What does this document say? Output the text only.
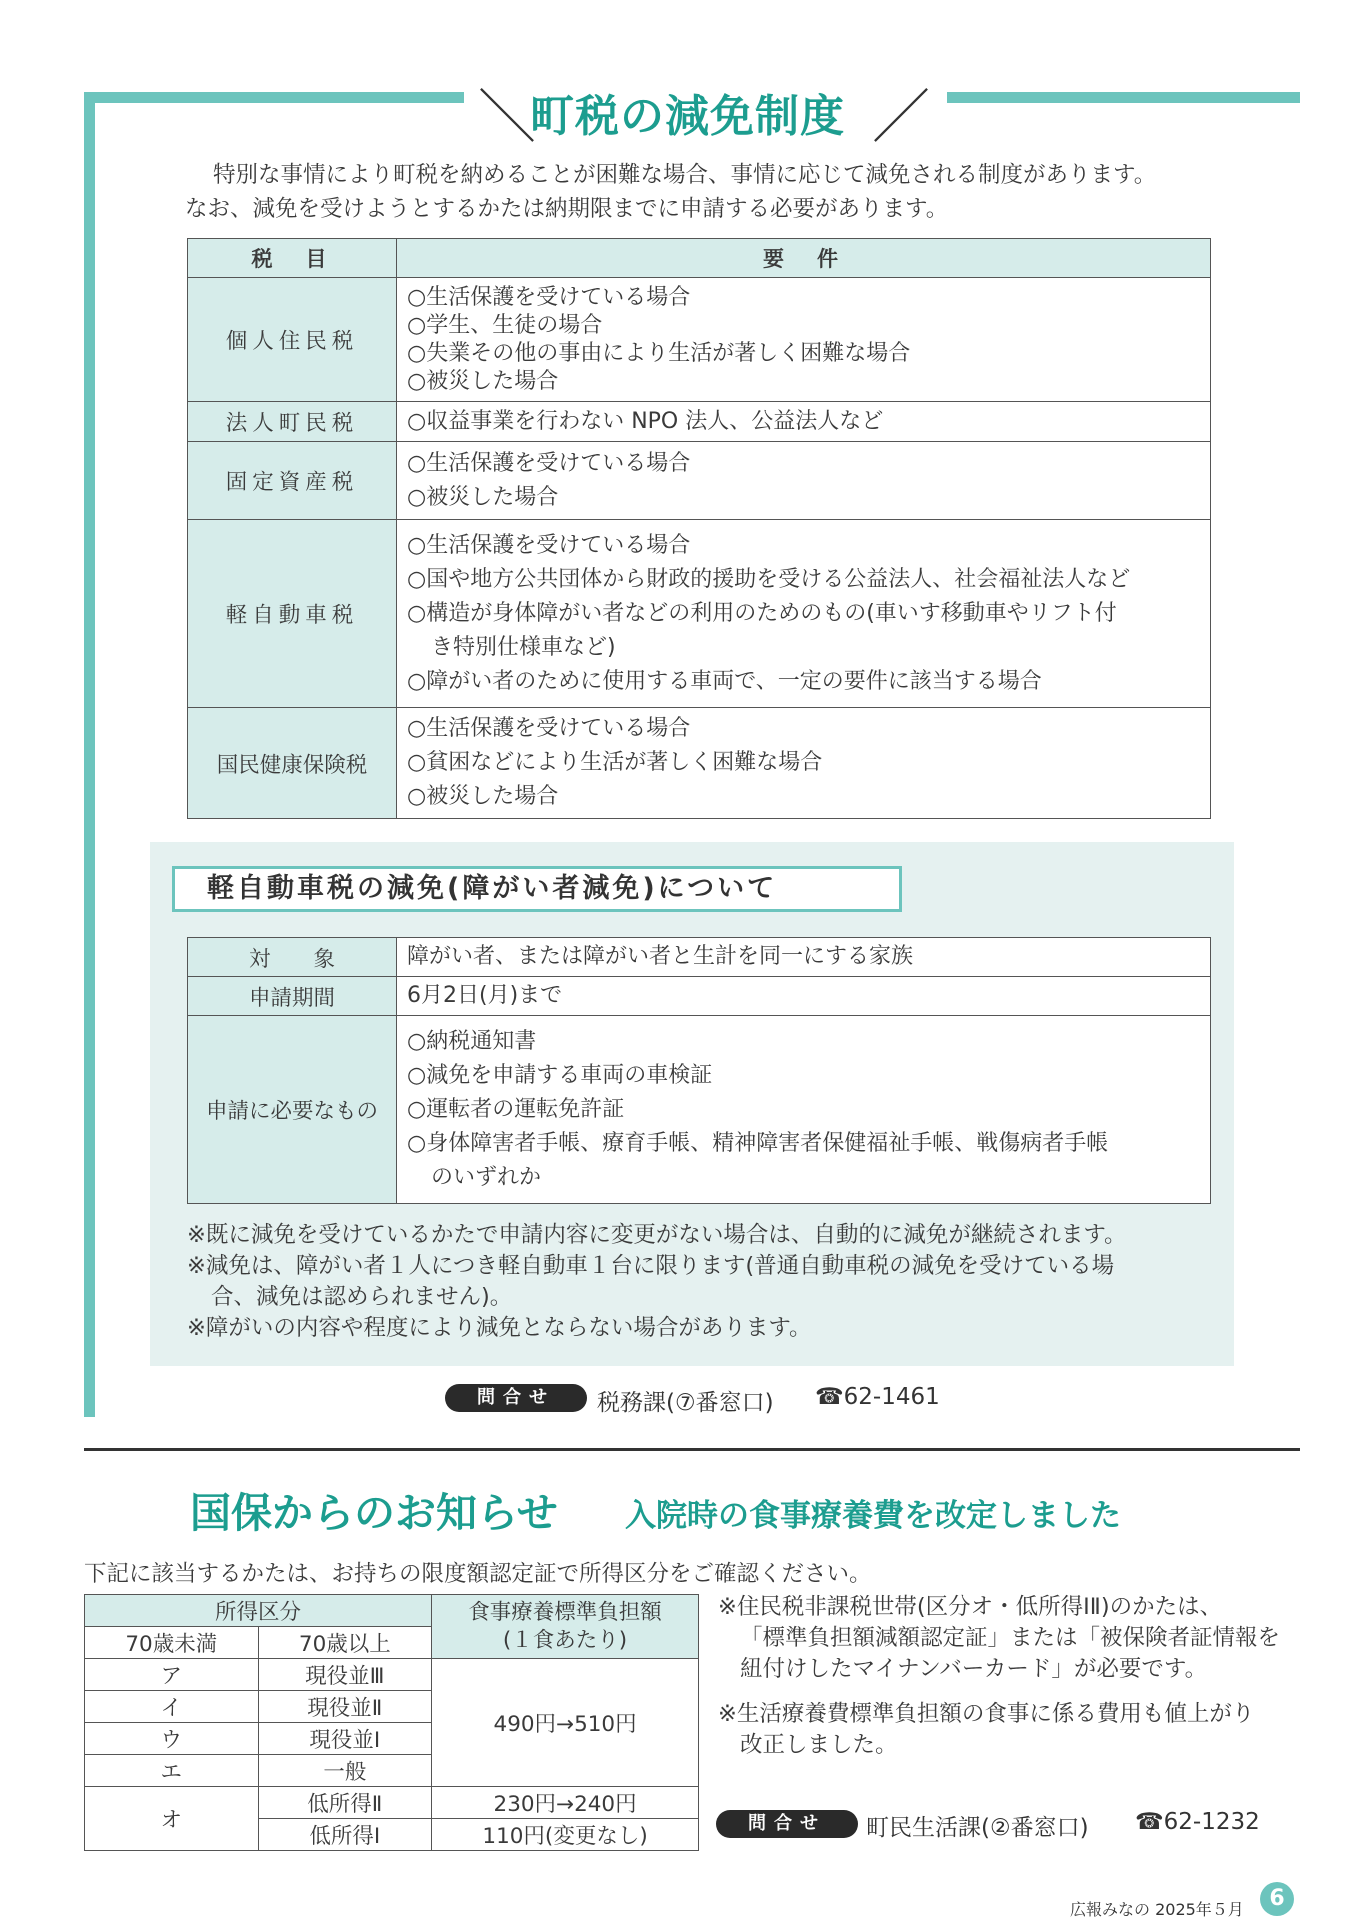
＼	／
町税の減免制度

特別な事情により町税を納めることが困難な場合、事情に応じて減免される制度があります。

なお、減免を受けようとするかたは納期限までに申請する必要があります。

税　目	要　件
個人住民税	○生活保護を受けている場合
○学生、生徒の場合
○失業その他の事由により生活が著しく困難な場合
○被災した場合

法人町民税	○収益事業を行わない NPO 法人、公益法人など

固定資産税	○生活保護を受けている場合
○被災した場合

軽自動車税	○生活保護を受けている場合
○国や地方公共団体から財政的援助を受ける公益法人、社会福祉法人など
○構造が身体障がい者などの利用のためのもの(車いす移動車やリフト付
き特別仕様車など)
○障がい者のために使用する車両で、一定の要件に該当する場合

国民健康保険税	○生活保護を受けている場合
○貧困などにより生活が著しく困難な場合
○被災した場合
軽自動車税の減免(障がい者減免)について
対　　象	障がい者、または障がい者と生計を同一にする家族
申請期間	6月2日(月)まで
申請に必要なもの	○納税通知書
○減免を申請する車両の車検証
○運転者の運転免許証
○身体障害者手帳、療育手帳、精神障害者保健福祉手帳、戦傷病者手帳
のいずれか
※既に減免を受けているかたで申請内容に変更がない場合は、自動的に減免が継続されます。
※減免は、障がい者１人につき軽自動車１台に限ります(普通自動車税の減免を受けている場
合、減免は認められません)。
※障がいの内容や程度により減免とならない場合があります。
問合せ	税務課(⑦番窓口) ☎62-1461
国保からのお知らせ 入院時の食事療養費を改定しました
下記に該当するかたは、お持ちの限度額認定証で所得区分をご確認ください。
所得区分		食事療養標準負担額
(１食あたり)

70歳未満	70歳以上	
ア	現役並Ⅲ	490円→510円
イ	現役並Ⅱ	
ウ	現役並Ⅰ	
エ	一般	
オ	低所得Ⅱ	230円→240円
	低所得Ⅰ	110円(変更なし)
※住民税非課税世帯(区分オ・低所得ⅠⅡ)のかたは、
「標準負担額減額認定証」または「被保険者証情報を
紐付けしたマイナンバーカード」が必要です。
※生活療養費標準負担額の食事に係る費用も値上がり
改正しました。
問合せ	町民生活課(②番窓口) ☎62-1232
広報みなの 2025年５月	6
